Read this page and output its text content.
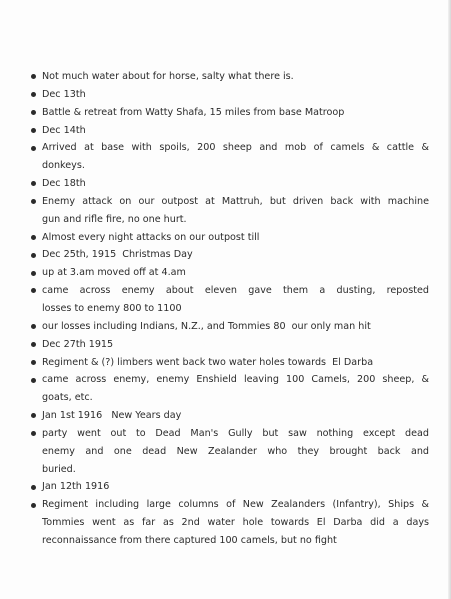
Not much water about for horse, salty what there is.
Dec 13th
Battle & retreat from Watty Shafa, 15 miles from base Matroop
Dec 14th
Arrived at base with spoils, 200 sheep and mob of camels & cattle &
donkeys.
Dec 18th
Enemy attack on our outpost at Mattruh, but driven back with machine
gun and rifle fire, no one hurt.
Almost every night attacks on our outpost till
Dec 25th, 1915  Christmas Day
up at 3.am moved off at 4.am
came across enemy about eleven gave them a dusting, reposted
losses to enemy 800 to 1100
our losses including Indians, N.Z., and Tommies 80  our only man hit
Dec 27th 1915
Regiment & (?) limbers went back two water holes towards  El Darba
came across enemy, enemy Enshield leaving 100 Camels, 200 sheep, &
goats, etc.
Jan 1st 1916   New Years day
party went out to Dead Man's Gully but saw nothing except dead
enemy and one dead New Zealander who they brought back and
buried.
Jan 12th 1916
Regiment including large columns of New Zealanders (Infantry), Ships &
Tommies went as far as 2nd water hole towards El Darba did a days
reconnaissance from there captured 100 camels, but no fight
